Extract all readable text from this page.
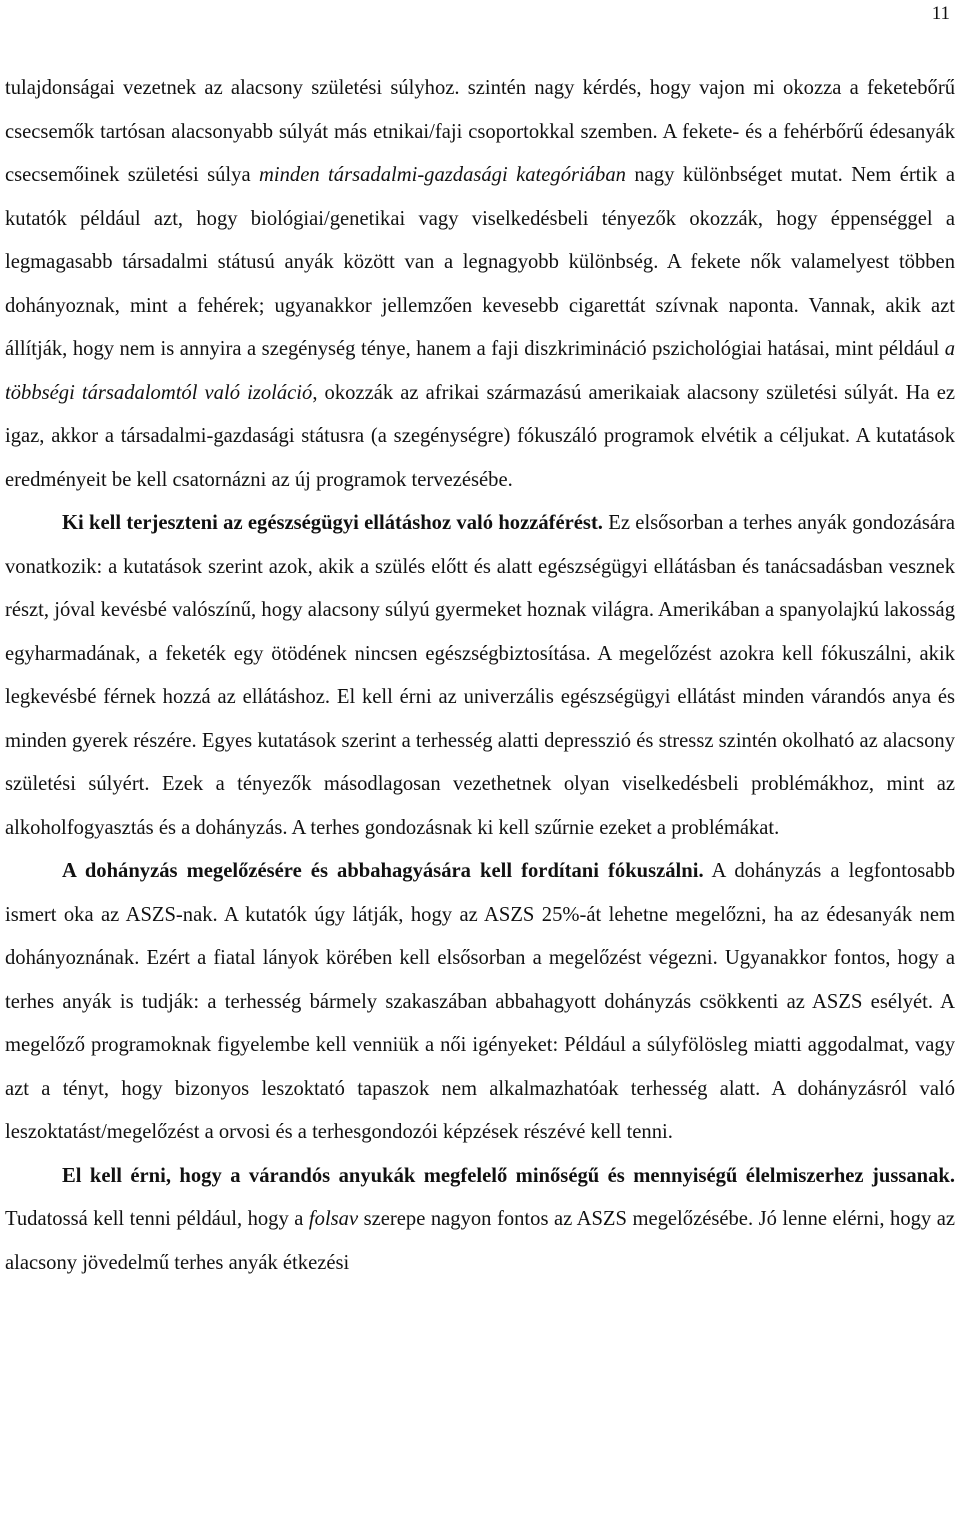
11

tulajdonságai vezetnek az alacsony születési súlyhoz. szintén nagy kérdés, hogy vajon mi okozza a feketebőrű csecsemők tartósan alacsonyabb súlyát más etnikai/faji csoportokkal szemben. A fekete- és a fehérbőrű édesanyák csecsemőinek születési súlya minden társadalmi-gazdasági kategóriában nagy különbséget mutat. Nem értik a kutatók például azt, hogy biológiai/genetikai vagy viselkedésbeli tényezők okozzák, hogy éppenséggel a legmagasabb társadalmi státusú anyák között van a legnagyobb különbség. A fekete nők valamelyest többen dohányoznak, mint a fehérek; ugyanakkor jellemzően kevesebb cigarettát szívnak naponta. Vannak, akik azt állítják, hogy nem is annyira a szegénység ténye, hanem a faji diszkrimináció pszichológiai hatásai, mint például a többségi társadalomtól való izoláció, okozzák az afrikai származású amerikaiak alacsony születési súlyát. Ha ez igaz, akkor a társadalmi-gazdasági státusra (a szegénységre) fókuszáló programok elvétik a céljukat. A kutatások eredményeit be kell csatornázni az új programok tervezésébe.

Ki kell terjeszteni az egészségügyi ellátáshoz való hozzáférést. Ez elsősorban a terhes anyák gondozására vonatkozik: a kutatások szerint azok, akik a szülés előtt és alatt egészségügyi ellátásban és tanácsadásban vesznek részt, jóval kevésbé valószínű, hogy alacsony súlyú gyermeket hoznak világra. Amerikában a spanyolajkú lakosság egyharmadának, a feketék egy ötödének nincsen egészségbiztosítása. A megelőzést azokra kell fókuszálni, akik legkevésbé férnek hozzá az ellátáshoz. El kell érni az univerzális egészségügyi ellátást minden várandós anya és minden gyerek részére. Egyes kutatások szerint a terhesség alatti depresszió és stressz szintén okolható az alacsony születési súlyért. Ezek a tényezők másodlagosan vezethetnek olyan viselkedésbeli problémákhoz, mint az alkoholfogyasztás és a dohányzás. A terhes gondozásnak ki kell szűrnie ezeket a problémákat.

A dohányzás megelőzésére és abbahagyására kell fordítani fókuszálni. A dohányzás a legfontosabb ismert oka az ASZS-nak. A kutatók úgy látják, hogy az ASZS 25%-át lehetne megelőzni, ha az édesanyák nem dohányoznának. Ezért a fiatal lányok körében kell elsősorban a megelőzést végezni. Ugyanakkor fontos, hogy a terhes anyák is tudják: a terhesség bármely szakaszában abbahagyott dohányzás csökkenti az ASZS esélyét. A megelőző programoknak figyelembe kell venniük a női igényeket: Például a súlyfölösleg miatti aggodalmat, vagy azt a tényt, hogy bizonyos leszoktató tapaszok nem alkalmazhatóak terhesség alatt. A dohányzásról való leszoktatást/megelőzést a orvosi és a terhesgondozói képzések részévé kell tenni.

El kell érni, hogy a várandós anyukák megfelelő minőségű és mennyiségű élelmiszerhez jussanak. Tudatossá kell tenni például, hogy a folsav szerepe nagyon fontos az ASZS megelőzésébe. Jó lenne elérni, hogy az alacsony jövedelmű terhes anyák étkezési
